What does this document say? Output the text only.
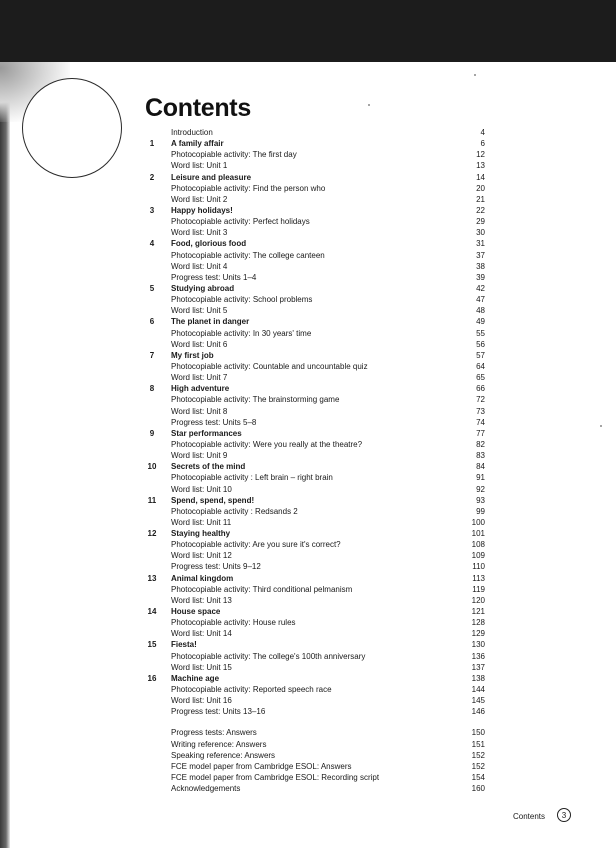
Contents
Introduction	4
1	A family affair	6
Photocopiable activity: The first day	12
Word list: Unit 1	13
2	Leisure and pleasure	14
Photocopiable activity: Find the person who	20
Word list: Unit 2	21
3	Happy holidays!	22
Photocopiable activity: Perfect holidays	29
Word list: Unit 3	30
4	Food, glorious food	31
Photocopiable activity: The college canteen	37
Word list: Unit 4	38
Progress test: Units 1–4	39
5	Studying abroad	42
Photocopiable activity: School problems	47
Word list: Unit 5	48
6	The planet in danger	49
Photocopiable activity: In 30 years' time	55
Word list: Unit 6	56
7	My first job	57
Photocopiable activity: Countable and uncountable quiz	64
Word list: Unit 7	65
8	High adventure	66
Photocopiable activity: The brainstorming game	72
Word list: Unit 8	73
Progress test: Units 5–8	74
9	Star performances	77
Photocopiable activity: Were you really at the theatre?	82
Word list: Unit 9	83
10	Secrets of the mind	84
Photocopiable activity : Left brain – right brain	91
Word list: Unit 10	92
11	Spend, spend, spend!	93
Photocopiable activity : Redsands 2	99
Word list: Unit 11	100
12	Staying healthy	101
Photocopiable activity: Are you sure it's correct?	108
Word list: Unit 12	109
Progress test: Units 9–12	110
13	Animal kingdom	113
Photocopiable activity: Third conditional pelmanism	119
Word list: Unit 13	120
14	House space	121
Photocopiable activity: House rules	128
Word list: Unit 14	129
15	Fiesta!	130
Photocopiable activity: The college's 100th anniversary	136
Word list: Unit 15	137
16	Machine age	138
Photocopiable activity: Reported speech race	144
Word list: Unit 16	145
Progress test: Units 13–16	146
Progress tests: Answers	150
Writing reference: Answers	151
Speaking reference: Answers	152
FCE model paper from Cambridge ESOL: Answers	152
FCE model paper from Cambridge ESOL: Recording script	154
Acknowledgements	160
Contents	3
